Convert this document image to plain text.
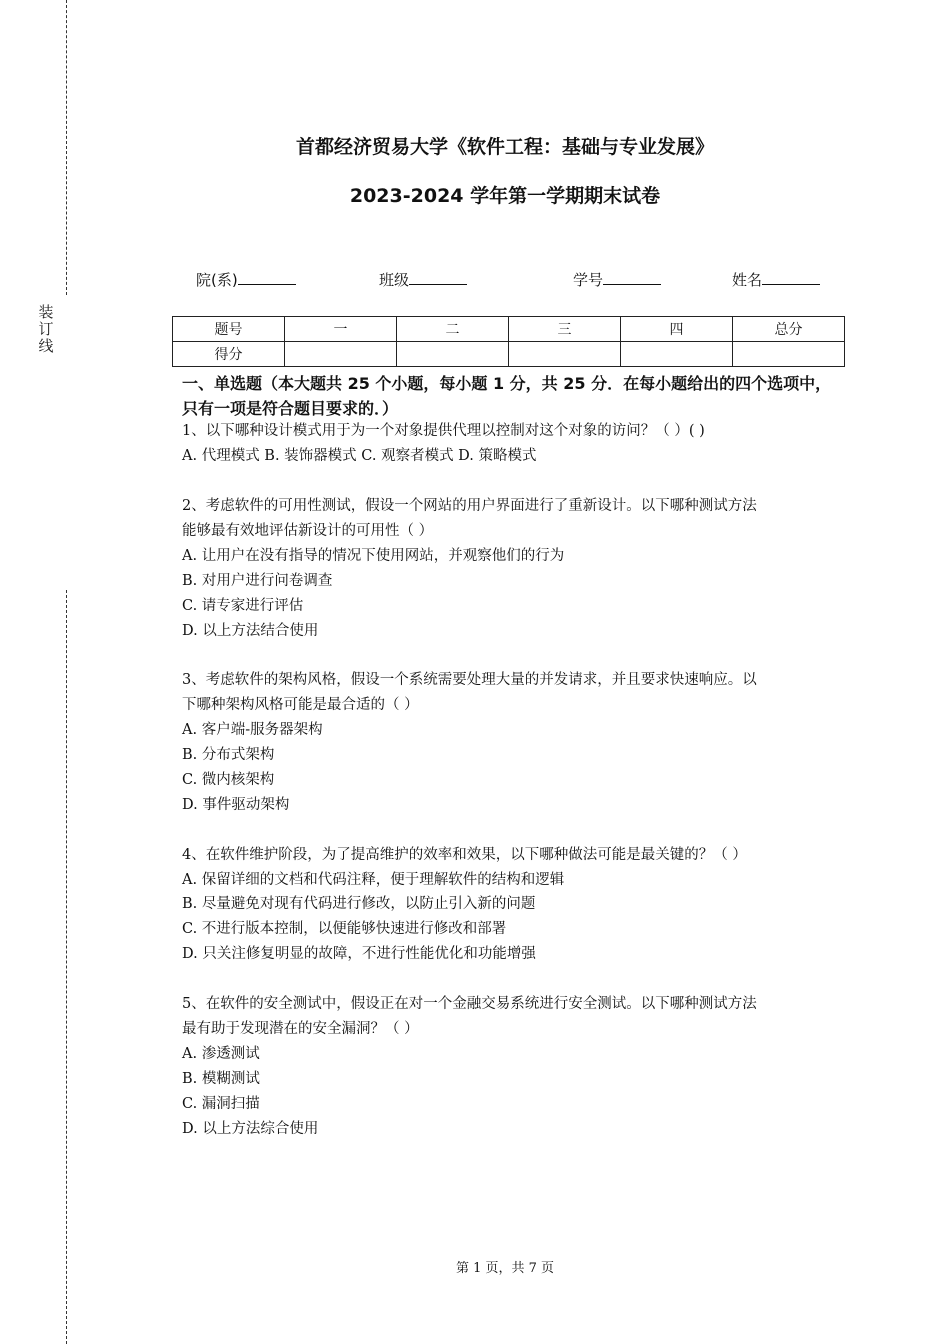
装
订
线
首都经济贸易大学《软件工程：基础与专业发展》
2023-2024 学年第一学期期末试卷
院(系)	班级	学号	姓名
题号	一	二	三	四	总分
得分					
一、单选题（本大题共 25 个小题，每小题 1 分，共 25 分．在每小题给出的四个选项中，只有一项是符合题目要求的．）
1、以下哪种设计模式用于为一个对象提供代理以控制对这个对象的访问？（ ）( )
A. 代理模式 B. 装饰器模式 C. 观察者模式 D. 策略模式
2、考虑软件的可用性测试，假设一个网站的用户界面进行了重新设计。以下哪种测试方法
能够最有效地评估新设计的可用性（ ）
A. 让用户在没有指导的情况下使用网站，并观察他们的行为
B. 对用户进行问卷调查
C. 请专家进行评估
D. 以上方法结合使用
3、考虑软件的架构风格，假设一个系统需要处理大量的并发请求，并且要求快速响应。以
下哪种架构风格可能是最合适的（ ）
A. 客户端-服务器架构
B. 分布式架构
C. 微内核架构
D. 事件驱动架构
4、在软件维护阶段，为了提高维护的效率和效果，以下哪种做法可能是最关键的？（ ）
A. 保留详细的文档和代码注释，便于理解软件的结构和逻辑
B. 尽量避免对现有代码进行修改，以防止引入新的问题
C. 不进行版本控制，以便能够快速进行修改和部署
D. 只关注修复明显的故障，不进行性能优化和功能增强
5、在软件的安全测试中，假设正在对一个金融交易系统进行安全测试。以下哪种测试方法
最有助于发现潜在的安全漏洞？（ ）
A. 渗透测试
B. 模糊测试
C. 漏洞扫描
D. 以上方法综合使用
第 1 页，共 7 页
